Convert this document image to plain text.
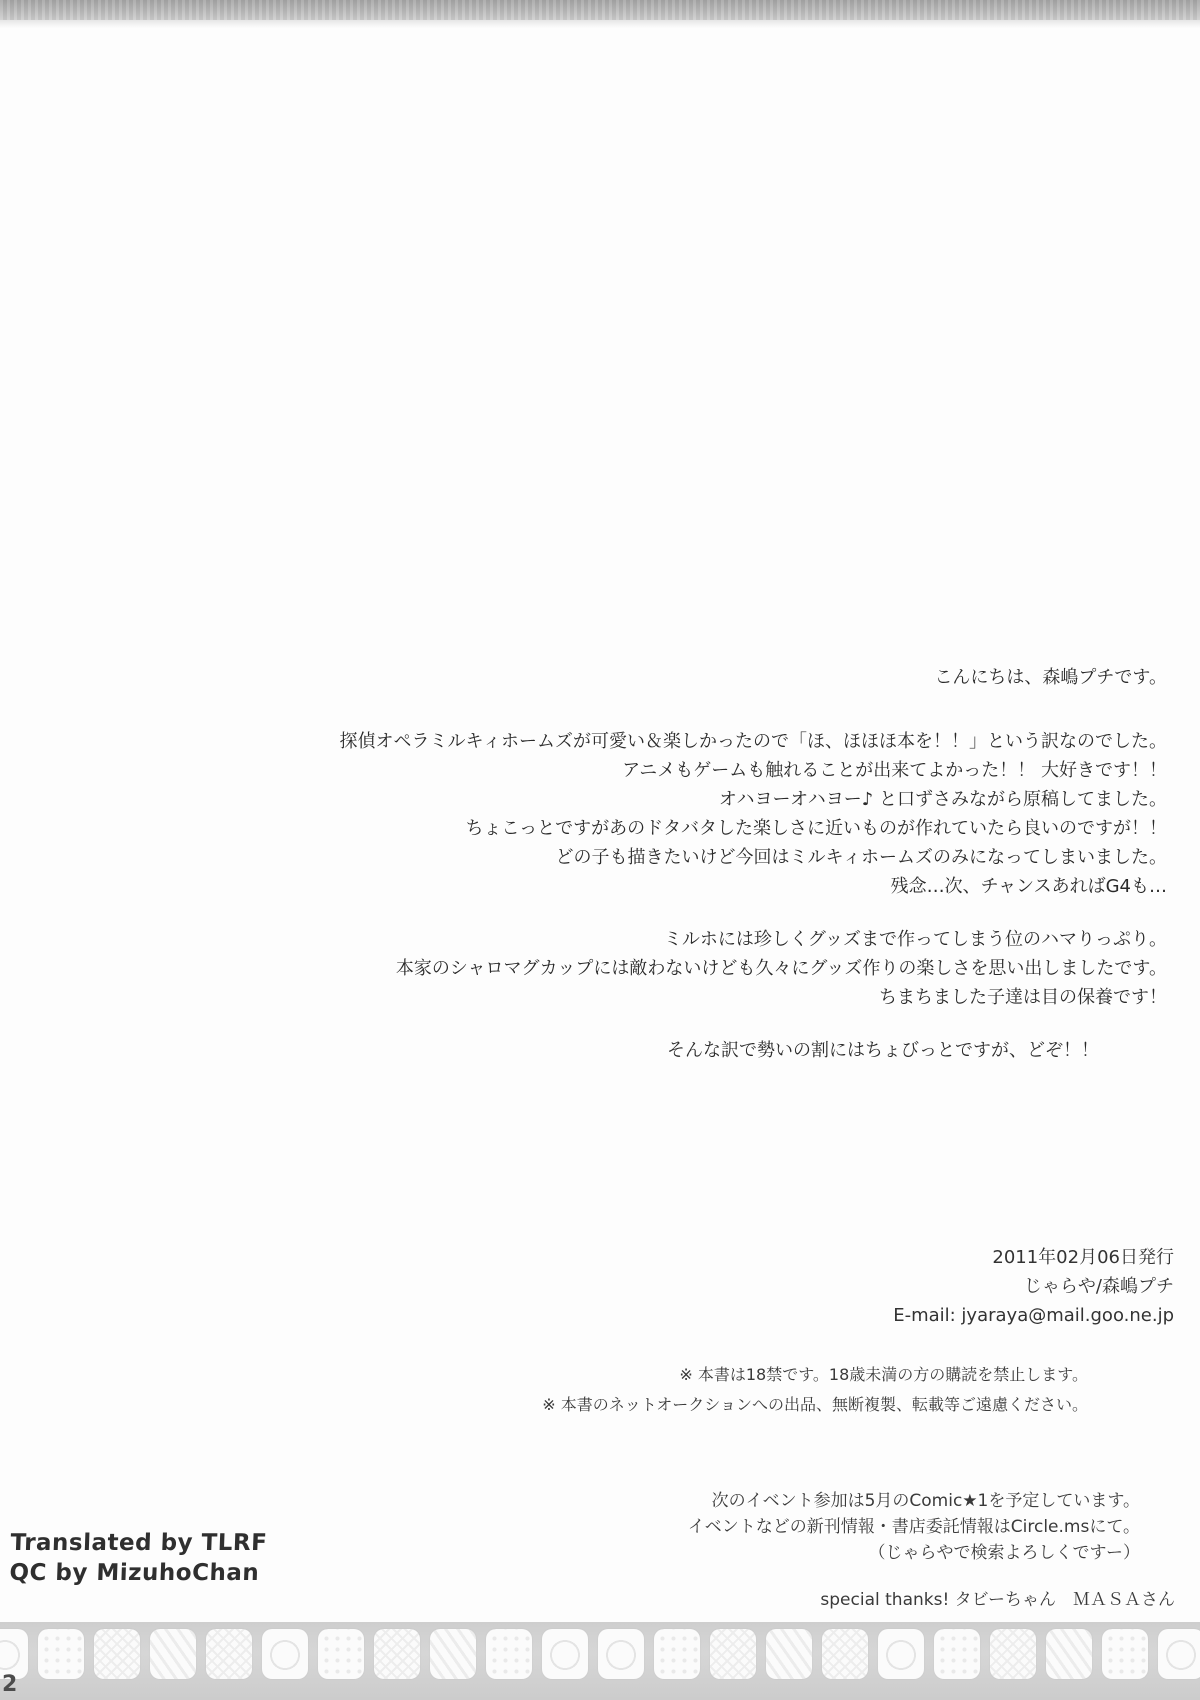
こんにちは、森嶋プチです。
探偵オペラミルキィホームズが可愛い＆楽しかったので「ほ、ほほほ本を！！」という訳なのでした。
アニメもゲームも触れることが出来てよかった！！ 大好きです！！
オハヨーオハヨー♪ と口ずさみながら原稿してました。
ちょこっとですがあのドタバタした楽しさに近いものが作れていたら良いのですが！！
どの子も描きたいけど今回はミルキィホームズのみになってしまいました。
残念…次、チャンスあればG4も…
ミルホには珍しくグッズまで作ってしまう位のハマりっぷり。
本家のシャロマグカップには敵わないけども久々にグッズ作りの楽しさを思い出しましたです。
ちまちました子達は目の保養です！
そんな訳で勢いの割にはちょびっとですが、どぞ！！
2011年02月06日発行
じゃらや/森嶋プチ
E-mail: jyaraya@mail.goo.ne.jp
※ 本書は18禁です。18歳未満の方の購読を禁止します。
※ 本書のネットオークションへの出品、無断複製、転載等ご遠慮ください。
次のイベント参加は5月のComic★1を予定しています。
イベントなどの新刊情報・書店委託情報はCircle.msにて。
（じゃらやで検索よろしくですー）
special thanks! タビーちゃん　ＭＡＳＡさん
Translated by TLRF
QC by MizuhoChan
2
